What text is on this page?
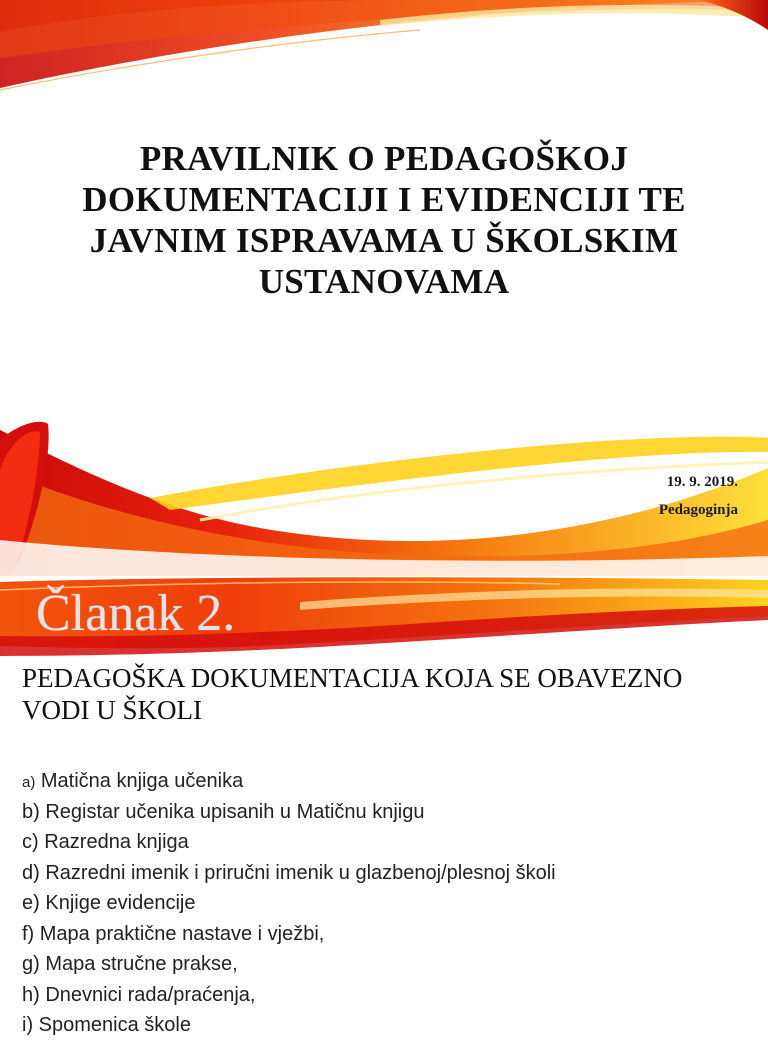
PRAVILNIK O PEDAGOŠKOJ DOKUMENTACIJI I EVIDENCIJI TE JAVNIM ISPRAVAMA U ŠKOLSKIM USTANOVAMA
19. 9. 2019.
Pedagoginja
Članak 2.
PEDAGOŠKA DOKUMENTACIJA KOJA SE OBAVEZNO VODI U ŠKOLI
a) Matična knjiga učenika
b) Registar učenika upisanih u Matičnu knjigu
c) Razredna knjiga
d) Razredni imenik i priručni imenik u glazbenoj/plesnoj školi
e) Knjige evidencije
f) Mapa praktične nastave i vježbi,
g) Mapa stručne prakse,
h) Dnevnici rada/praćenja,
i) Spomenica škole
